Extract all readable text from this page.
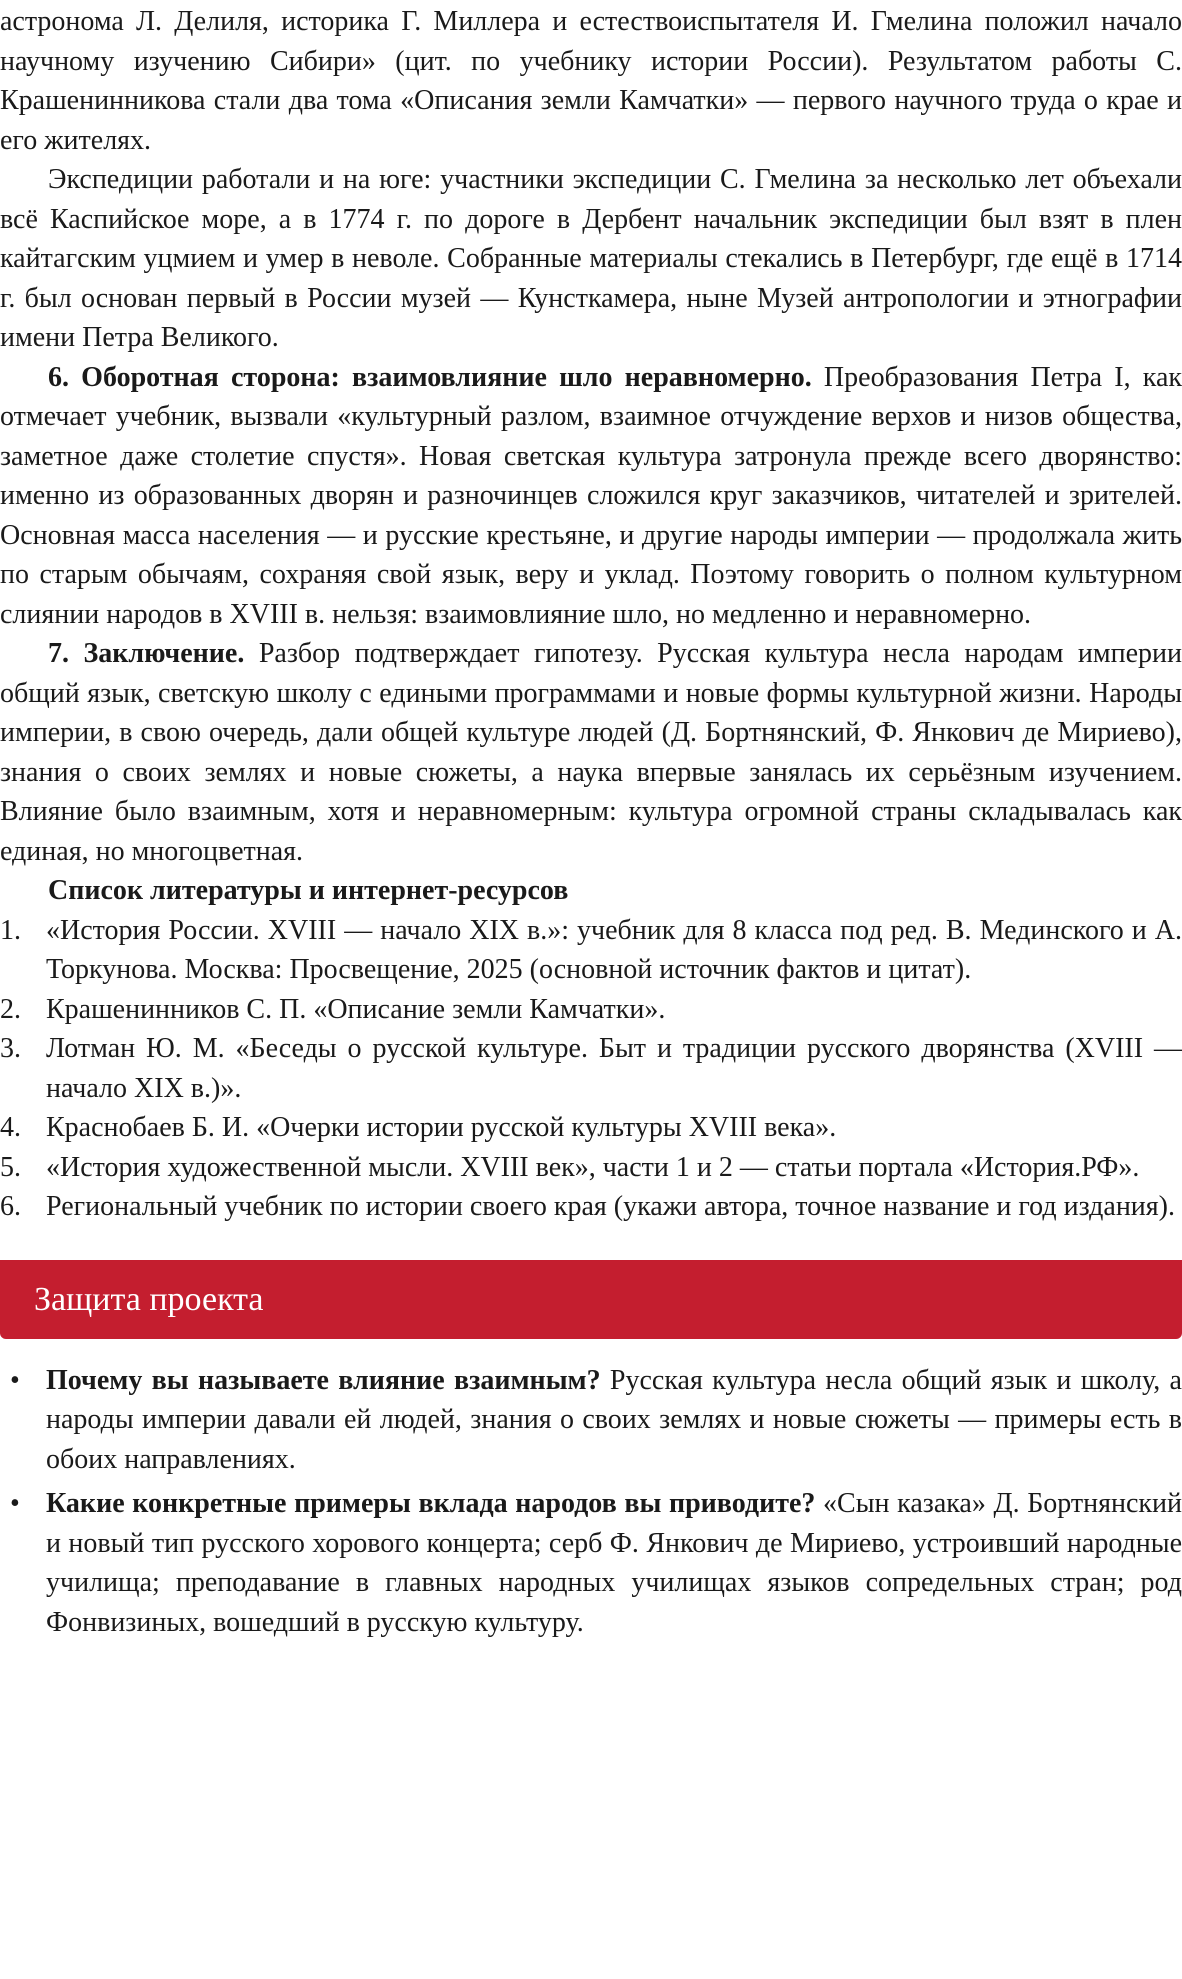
астронома Л. Делиля, историка Г. Миллера и естествоиспытателя И. Гмелина положил начало научному изучению Сибири» (цит. по учебнику истории России). Результатом работы С. Крашенинникова стали два тома «Описания земли Камчатки» — первого научного труда о крае и его жителях.

Экспедиции работали и на юге: участники экспедиции С. Гмелина за несколько лет объехали всё Каспийское море, а в 1774 г. по дороге в Дербент начальник экспедиции был взят в плен кайтагским уцмием и умер в неволе. Собранные материалы стекались в Петербург, где ещё в 1714 г. был основан первый в России музей — Кунсткамера, ныне Музей антропологии и этнографии имени Петра Великого.

6. Оборотная сторона: взаимовлияние шло неравномерно. Преобразования Петра I, как отмечает учебник, вызвали «культурный разлом, взаимное отчуждение верхов и низов общества, заметное даже столетие спустя». Новая светская культура затронула прежде всего дворянство: именно из образованных дворян и разночинцев сложился круг заказчиков, читателей и зрителей. Основная масса населения — и русские крестьяне, и другие народы империи — продолжала жить по старым обычаям, сохраняя свой язык, веру и уклад. Поэтому говорить о полном культурном слиянии народов в XVIII в. нельзя: взаимовлияние шло, но медленно и неравномерно.

7. Заключение. Разбор подтверждает гипотезу. Русская культура несла народам империи общий язык, светскую школу с едиными программами и новые формы культурной жизни. Народы империи, в свою очередь, дали общей культуре людей (Д. Бортнянский, Ф. Янкович де Мириево), знания о своих землях и новые сюжеты, а наука впервые занялась их серьёзным изучением. Влияние было взаимным, хотя и неравномерным: культура огромной страны складывалась как единая, но многоцветная.

Список литературы и интернет-ресурсов

1. «История России. XVIII — начало XIX в.»: учебник для 8 класса под ред. В. Мединского и А. Торкунова. Москва: Просвещение, 2025 (основной источник фактов и цитат).
2. Крашенинников С. П. «Описание земли Камчатки».
3. Лотман Ю. М. «Беседы о русской культуре. Быт и традиции русского дворянства (XVIII — начало XIX в.)».
4. Краснобаев Б. И. «Очерки истории русской культуры XVIII века».
5. «История художественной мысли. XVIII век», части 1 и 2 — статьи портала «История.РФ».
6. Региональный учебник по истории своего края (укажи автора, точное название и год издания).
Защита проекта
• Почему вы называете влияние взаимным? Русская культура несла общий язык и школу, а народы империи давали ей людей, знания о своих землях и новые сюжеты — примеры есть в обоих направлениях.
• Какие конкретные примеры вклада народов вы приводите? «Сын казака» Д. Бортнянский и новый тип русского хорового концерта; серб Ф. Янкович де Мириево, устроивший народные училища; преподавание в главных народных училищах языков сопредельных стран; род Фонвизиных, вошедший в русскую культуру.
